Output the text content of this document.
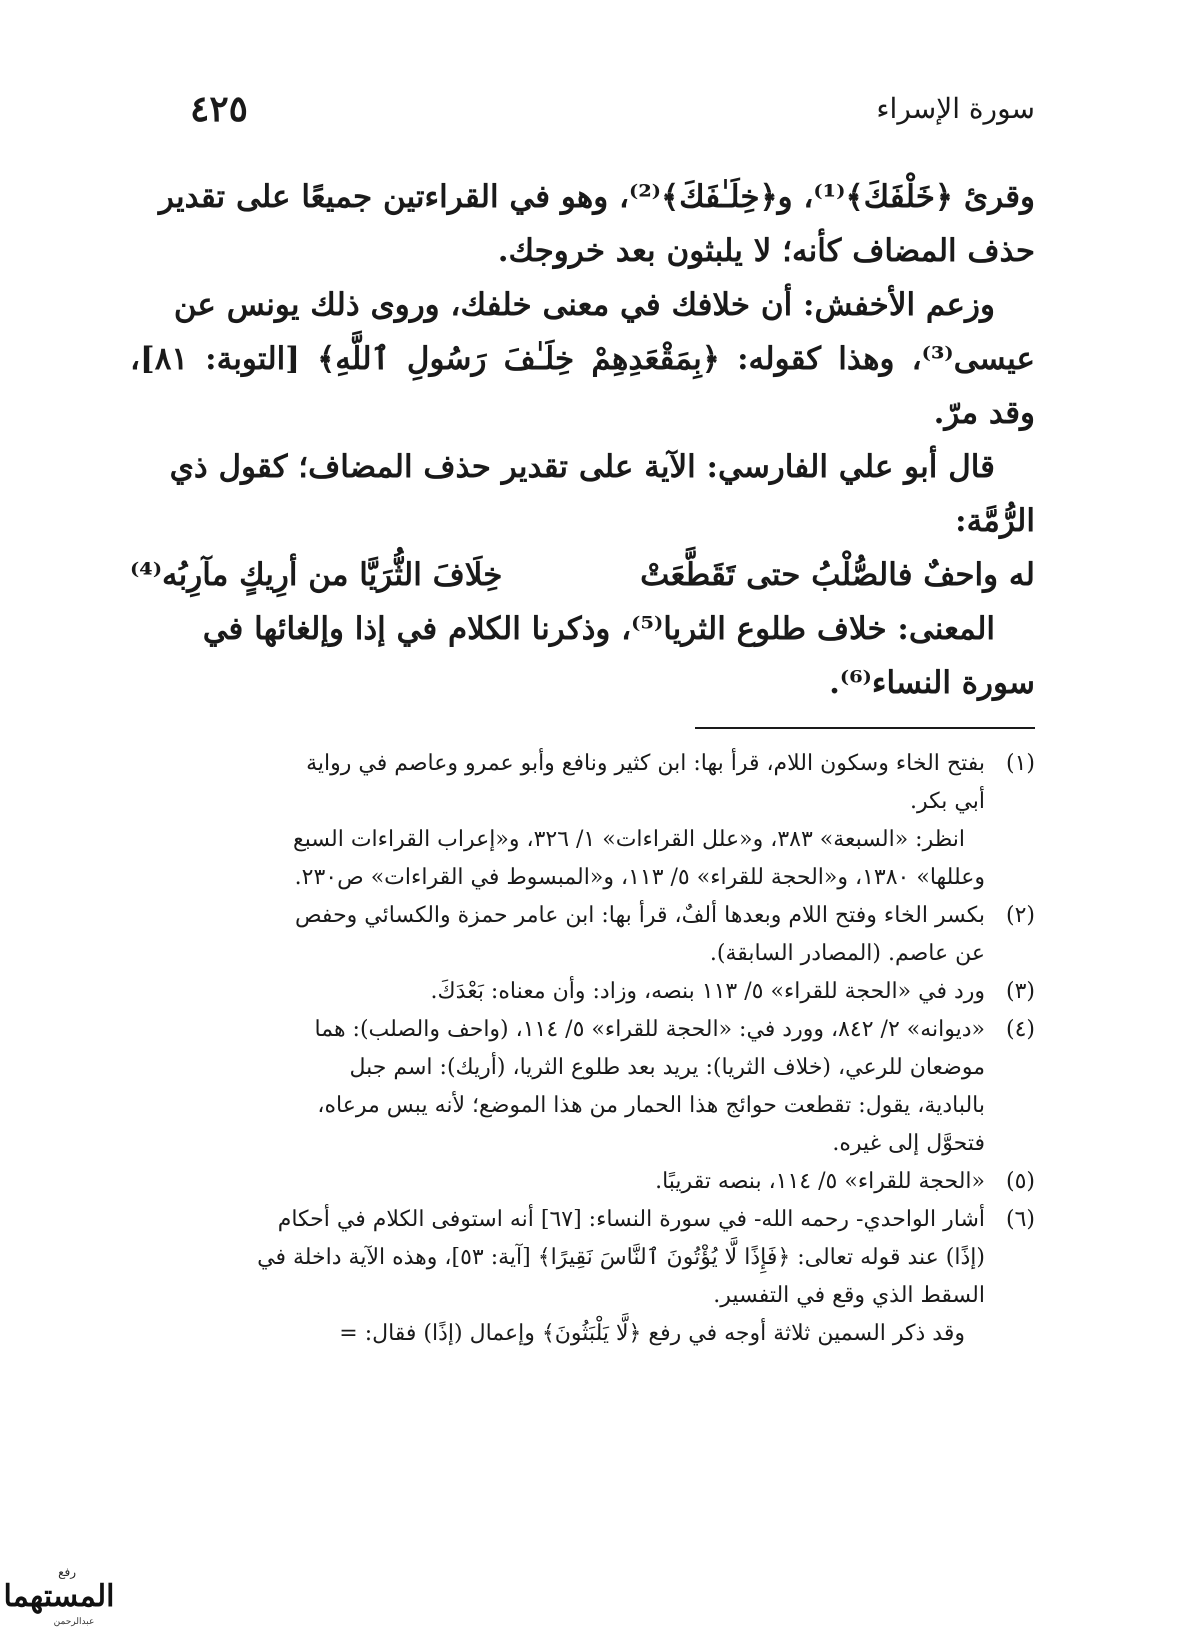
سورة الإسراء
٤٢٥

وقرئ ﴿خَلْفَكَ﴾⁽¹⁾، و﴿خِلَـٰفَكَ﴾⁽²⁾، وهو في القراءتين جميعًا على تقدير

حذف المضاف كأنه؛ لا يلبثون بعد خروجك.

وزعم الأخفش: أن خلافك في معنى خلفك، وروى ذلك يونس عن

عيسى⁽³⁾، وهذا كقوله: ﴿بِمَقْعَدِهِمْ خِلَـٰفَ رَسُولِ ٱللَّهِ﴾ [التوبة: ٨١]، وقد مرّ.

قال أبو علي الفارسي: الآية على تقدير حذف المضاف؛ كقول ذي

الرُّمَّة:

له واحفٌ فالصُّلْبُ حتى تَقَطَّعَتْ
خِلَافَ الثُّرَيَّا من أرِيكٍ مآرِبُه⁽⁴⁾

المعنى: خلاف طلوع الثريا⁽⁵⁾، وذكرنا الكلام في إذا وإلغائها في

سورة النساء⁽⁶⁾.

(١)
بفتح الخاء وسكون اللام، قرأ بها: ابن كثير ونافع وأبو عمرو وعاصم في رواية

أبي بكر.

انظر: «السبعة» ٣٨٣، و«علل القراءات» ١/ ٣٢٦، و«إعراب القراءات السبع

وعللها» ١٣٨٠، و«الحجة للقراء» ٥/ ١١٣، و«المبسوط في القراءات» ص٢٣٠.

(٢)
بكسر الخاء وفتح اللام وبعدها ألفٌ، قرأ بها: ابن عامر حمزة والكسائي وحفص

عن عاصم. (المصادر السابقة).

(٣)
ورد في «الحجة للقراء» ٥/ ١١٣ بنصه، وزاد: وأن معناه: بَعْدَكَ.
(٤)
«ديوانه» ٢/ ٨٤٢، وورد في: «الحجة للقراء» ٥/ ١١٤، (واحف والصلب): هما

موضعان للرعي، (خلاف الثريا): يريد بعد طلوع الثريا، (أريك): اسم جبل

بالبادية، يقول: تقطعت حوائج هذا الحمار من هذا الموضع؛ لأنه يبس مرعاه،

فتحوَّل إلى غيره.

(٥)
«الحجة للقراء» ٥/ ١١٤، بنصه تقريبًا.
(٦)
أشار الواحدي- رحمه الله- في سورة النساء: [٦٧] أنه استوفى الكلام في أحكام

(إذًا) عند قوله تعالى: ﴿فَإِذًا لَّا يُؤْتُونَ ٱلنَّاسَ نَقِيرًا﴾ [آية: ٥٣]، وهذه الآية داخلة في

السقط الذي وقع في التفسير.

وقد ذكر السمين ثلاثة أوجه في رفع ﴿لَّا يَلْبَثُونَ﴾ وإعمال (إذًا) فقال: =

رفع
المستهما
عبدالرحمن
